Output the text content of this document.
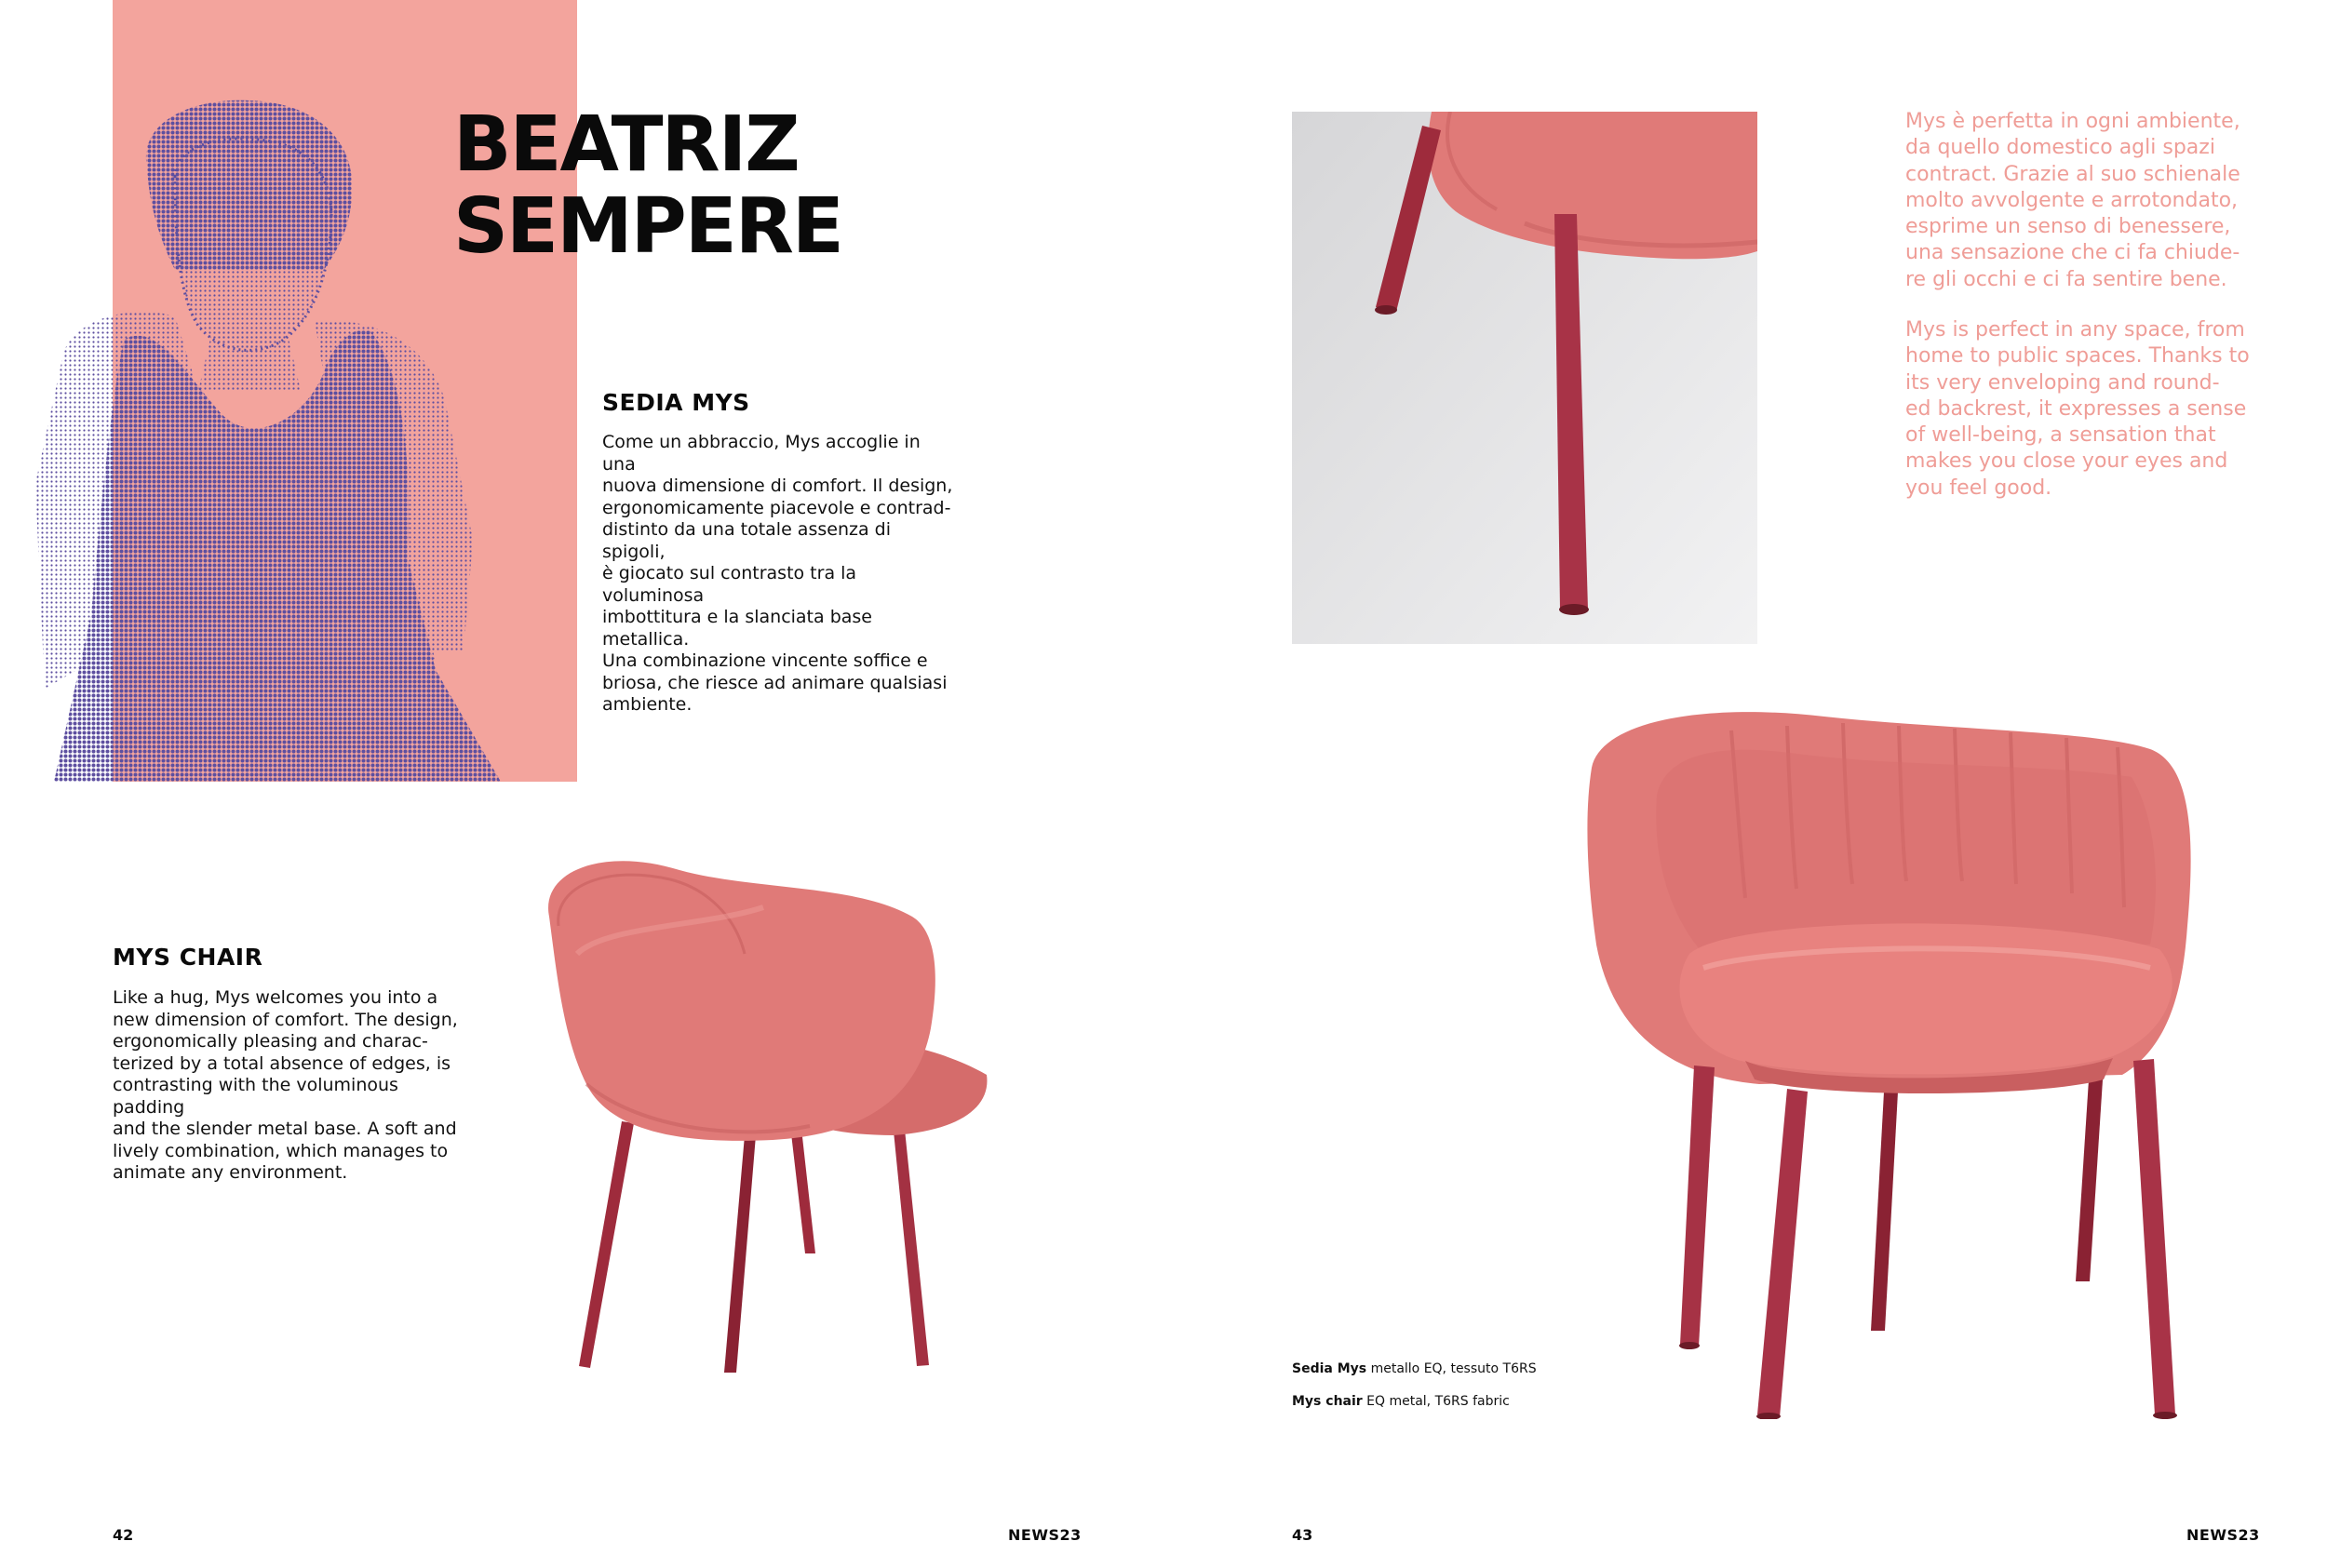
BEATRIZ
SEMPERE
SEDIA MYS

Come un abbraccio, Mys accoglie in una
nuova dimensione di comfort. Il design,
ergonomicamente piacevole e contrad-
distinto da una totale assenza di spigoli,
è giocato sul contrasto tra la voluminosa
imbottitura e la slanciata base metallica.
Una combinazione vincente soffice e
briosa, che riesce ad animare qualsiasi
ambiente.

MYS CHAIR

Like a hug, Mys welcomes you into a
new dimension of comfort. The design,
ergonomically pleasing and charac-
terized by a total absence of edges, is
contrasting with the voluminous padding
and the slender metal base. A soft and
lively combination, which manages to
animate any environment.

42	NEWS23

Mys è perfetta in ogni ambiente,
da quello domestico agli spazi
contract. Grazie al suo schienale
molto avvolgente e arrotondato,
esprime un senso di benessere,
una sensazione che ci fa chiude-
re gli occhi e ci fa sentire bene.

Mys is perfect in any space, from
home to public spaces. Thanks to
its very enveloping and round-
ed backrest, it expresses a sense
of well-being, a sensation that
makes you close your eyes and
you feel good.

Sedia Mys metallo EQ, tessuto T6RS
Mys chair EQ metal, T6RS fabric
43	NEWS23
